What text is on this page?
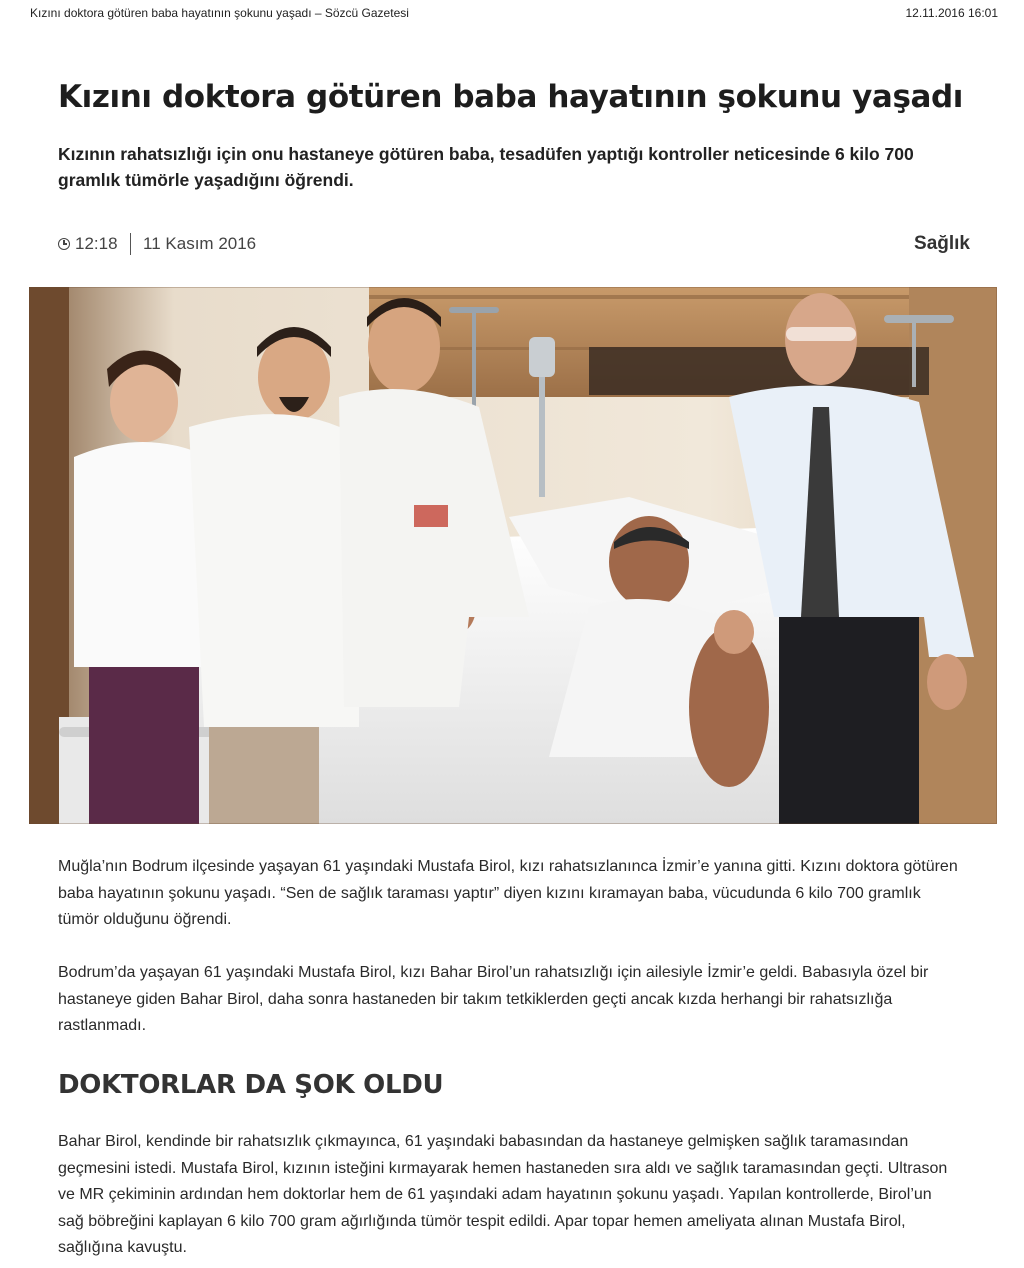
Kızını doktora götüren baba hayatının şokunu yaşadı – Sözcü Gazetesi	12.11.2016 16:01
Kızını doktora götüren baba hayatının şokunu yaşadı

Kızının rahatsızlığı için onu hastaneye götüren baba, tesadüfen yaptığı kontroller neticesinde 6 kilo 700 gramlık tümörle yaşadığını öğrendi.

12:18 11 Kasım 2016	Sağlık

Muğla’nın Bodrum ilçesinde yaşayan 61 yaşındaki Mustafa Birol, kızı rahatsızlanınca İzmir’e yanına gitti. Kızını doktora götüren baba hayatının şokunu yaşadı. “Sen de sağlık taraması yaptır” diyen kızını kıramayan baba, vücudunda 6 kilo 700 gramlık tümör olduğunu öğrendi.

Bodrum’da yaşayan 61 yaşındaki Mustafa Birol, kızı Bahar Birol’un rahatsızlığı için ailesiyle İzmir’e geldi. Babasıyla özel bir hastaneye giden Bahar Birol, daha sonra hastaneden bir takım tetkiklerden geçti ancak kızda herhangi bir rahatsızlığa rastlanmadı.

DOKTORLAR DA ŞOK OLDU

Bahar Birol, kendinde bir rahatsızlık çıkmayınca, 61 yaşındaki babasından da hastaneye gelmişken sağlık taramasından geçmesini istedi. Mustafa Birol, kızının isteğini kırmayarak hemen hastaneden sıra aldı ve sağlık taramasından geçti. Ultrason ve MR çekiminin ardından hem doktorlar hem de 61 yaşındaki adam hayatının şokunu yaşadı. Yapılan kontrollerde, Birol’un sağ böbreğini kaplayan 6 kilo 700 gram ağırlığında tümör tespit edildi. Apar topar hemen ameliyata alınan Mustafa Birol, sağlığına kavuştu.
